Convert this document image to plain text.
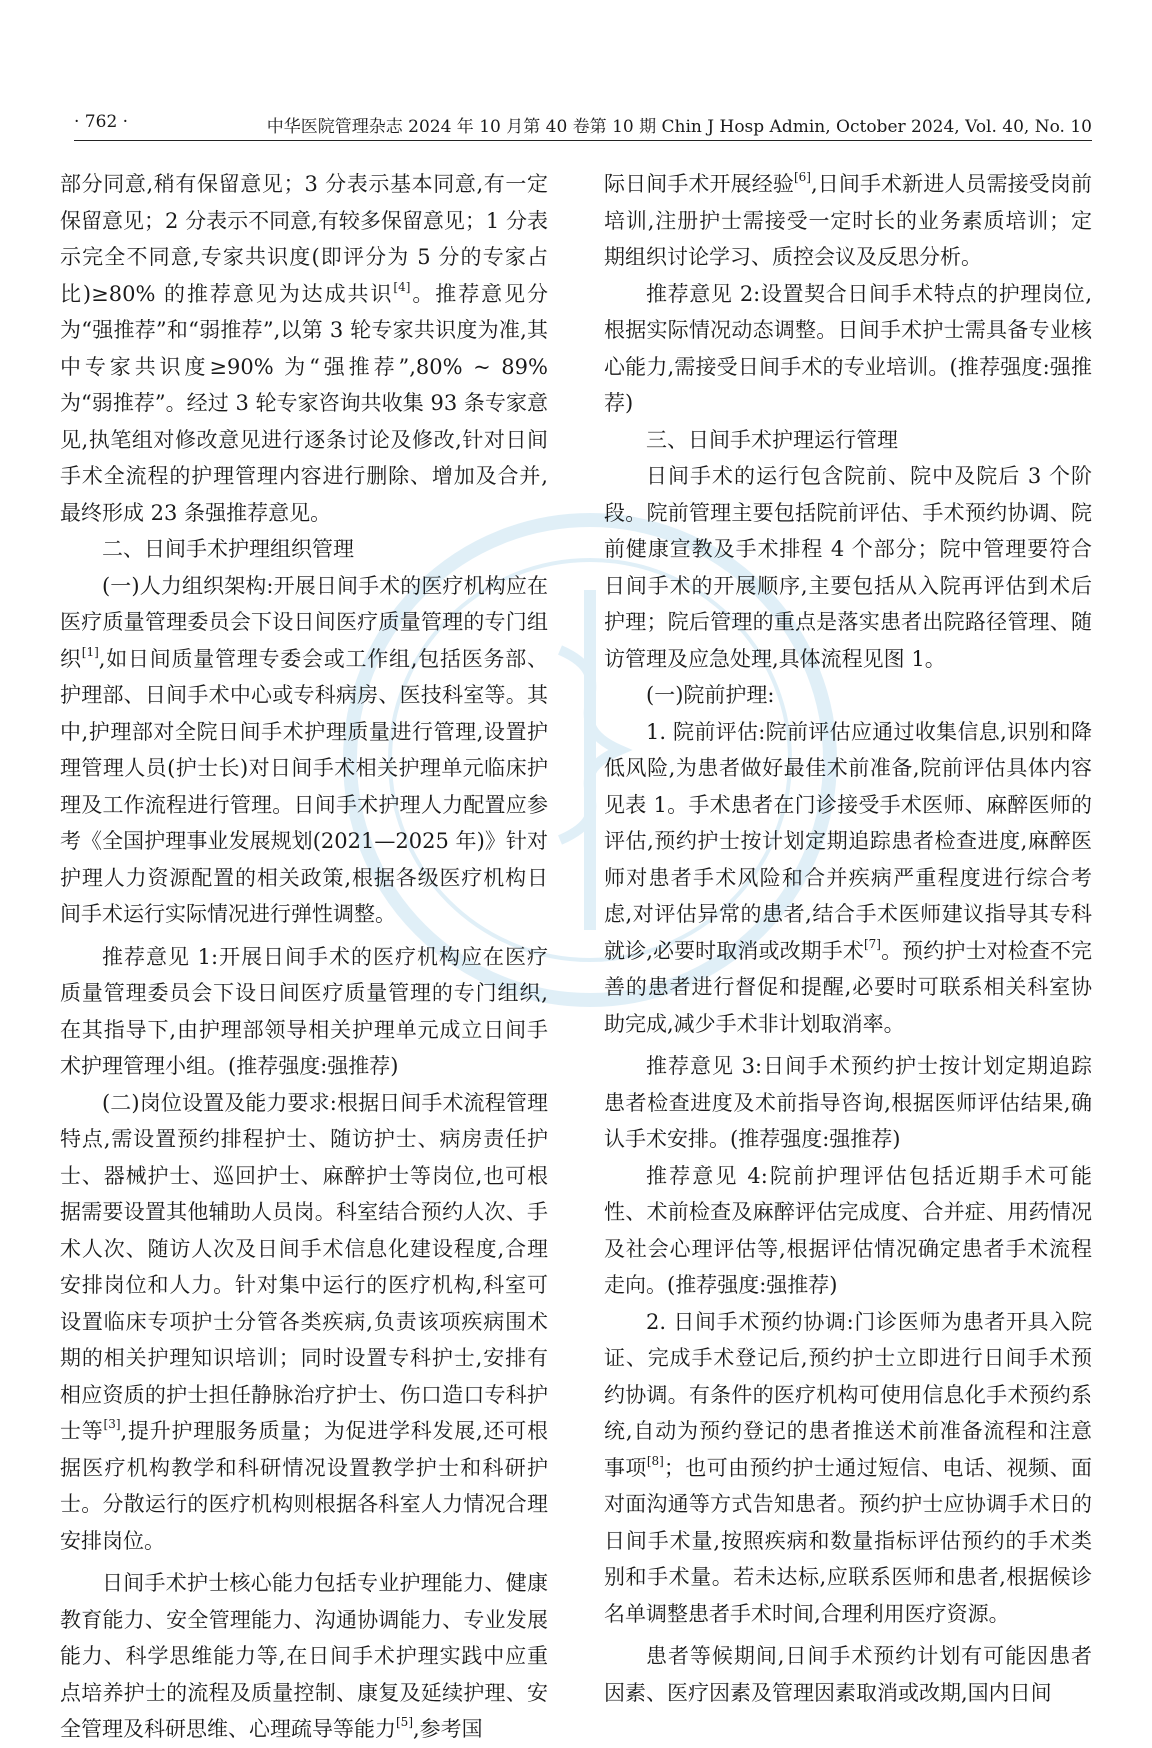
· 762 ·	中华医院管理杂志 2024 年 10 月第 40 卷第 10 期 Chin J Hosp Admin, October 2024, Vol. 40, No. 10

部分同意,稍有保留意见；3 分表示基本同意,有一定保留意见；2 分表示不同意,有较多保留意见；1 分表示完全不同意,专家共识度(即评分为 5 分的专家占比)≥80% 的推荐意见为达成共识[4]。推荐意见分为“强推荐”和“弱推荐”,以第 3 轮专家共识度为准,其中专家共识度≥90% 为“强推荐”,80% ~ 89% 为“弱推荐”。经过 3 轮专家咨询共收集 93 条专家意见,执笔组对修改意见进行逐条讨论及修改,针对日间手术全流程的护理管理内容进行删除、增加及合并,最终形成 23 条强推荐意见。

二、日间手术护理组织管理

(一)人力组织架构:开展日间手术的医疗机构应在医疗质量管理委员会下设日间医疗质量管理的专门组织[1],如日间质量管理专委会或工作组,包括医务部、护理部、日间手术中心或专科病房、医技科室等。其中,护理部对全院日间手术护理质量进行管理,设置护理管理人员(护士长)对日间手术相关护理单元临床护理及工作流程进行管理。日间手术护理人力配置应参考《全国护理事业发展规划(2021—2025 年)》针对护理人力资源配置的相关政策,根据各级医疗机构日间手术运行实际情况进行弹性调整。

推荐意见 1:开展日间手术的医疗机构应在医疗质量管理委员会下设日间医疗质量管理的专门组织,在其指导下,由护理部领导相关护理单元成立日间手术护理管理小组。(推荐强度:强推荐)

(二)岗位设置及能力要求:根据日间手术流程管理特点,需设置预约排程护士、随访护士、病房责任护士、器械护士、巡回护士、麻醉护士等岗位,也可根据需要设置其他辅助人员岗。科室结合预约人次、手术人次、随访人次及日间手术信息化建设程度,合理安排岗位和人力。针对集中运行的医疗机构,科室可设置临床专项护士分管各类疾病,负责该项疾病围术期的相关护理知识培训；同时设置专科护士,安排有相应资质的护士担任静脉治疗护士、伤口造口专科护士等[3],提升护理服务质量；为促进学科发展,还可根据医疗机构教学和科研情况设置教学护士和科研护士。分散运行的医疗机构则根据各科室人力情况合理安排岗位。

日间手术护士核心能力包括专业护理能力、健康教育能力、安全管理能力、沟通协调能力、专业发展能力、科学思维能力等,在日间手术护理实践中应重点培养护士的流程及质量控制、康复及延续护理、安全管理及科研思维、心理疏导等能力[5],参考国

际日间手术开展经验[6],日间手术新进人员需接受岗前培训,注册护士需接受一定时长的业务素质培训；定期组织讨论学习、质控会议及反思分析。

推荐意见 2:设置契合日间手术特点的护理岗位,根据实际情况动态调整。日间手术护士需具备专业核心能力,需接受日间手术的专业培训。(推荐强度:强推荐)

三、日间手术护理运行管理

日间手术的运行包含院前、院中及院后 3 个阶段。院前管理主要包括院前评估、手术预约协调、院前健康宣教及手术排程 4 个部分；院中管理要符合日间手术的开展顺序,主要包括从入院再评估到术后护理；院后管理的重点是落实患者出院路径管理、随访管理及应急处理,具体流程见图 1。

(一)院前护理:

1. 院前评估:院前评估应通过收集信息,识别和降低风险,为患者做好最佳术前准备,院前评估具体内容见表 1。手术患者在门诊接受手术医师、麻醉医师的评估,预约护士按计划定期追踪患者检查进度,麻醉医师对患者手术风险和合并疾病严重程度进行综合考虑,对评估异常的患者,结合手术医师建议指导其专科就诊,必要时取消或改期手术[7]。预约护士对检查不完善的患者进行督促和提醒,必要时可联系相关科室协助完成,减少手术非计划取消率。

推荐意见 3:日间手术预约护士按计划定期追踪患者检查进度及术前指导咨询,根据医师评估结果,确认手术安排。(推荐强度:强推荐)

推荐意见 4:院前护理评估包括近期手术可能性、术前检查及麻醉评估完成度、合并症、用药情况及社会心理评估等,根据评估情况确定患者手术流程走向。(推荐强度:强推荐)

2. 日间手术预约协调:门诊医师为患者开具入院证、完成手术登记后,预约护士立即进行日间手术预约协调。有条件的医疗机构可使用信息化手术预约系统,自动为预约登记的患者推送术前准备流程和注意事项[8]；也可由预约护士通过短信、电话、视频、面对面沟通等方式告知患者。预约护士应协调手术日的日间手术量,按照疾病和数量指标评估预约的手术类别和手术量。若未达标,应联系医师和患者,根据候诊名单调整患者手术时间,合理利用医疗资源。

患者等候期间,日间手术预约计划有可能因患者因素、医疗因素及管理因素取消或改期,国内日间
